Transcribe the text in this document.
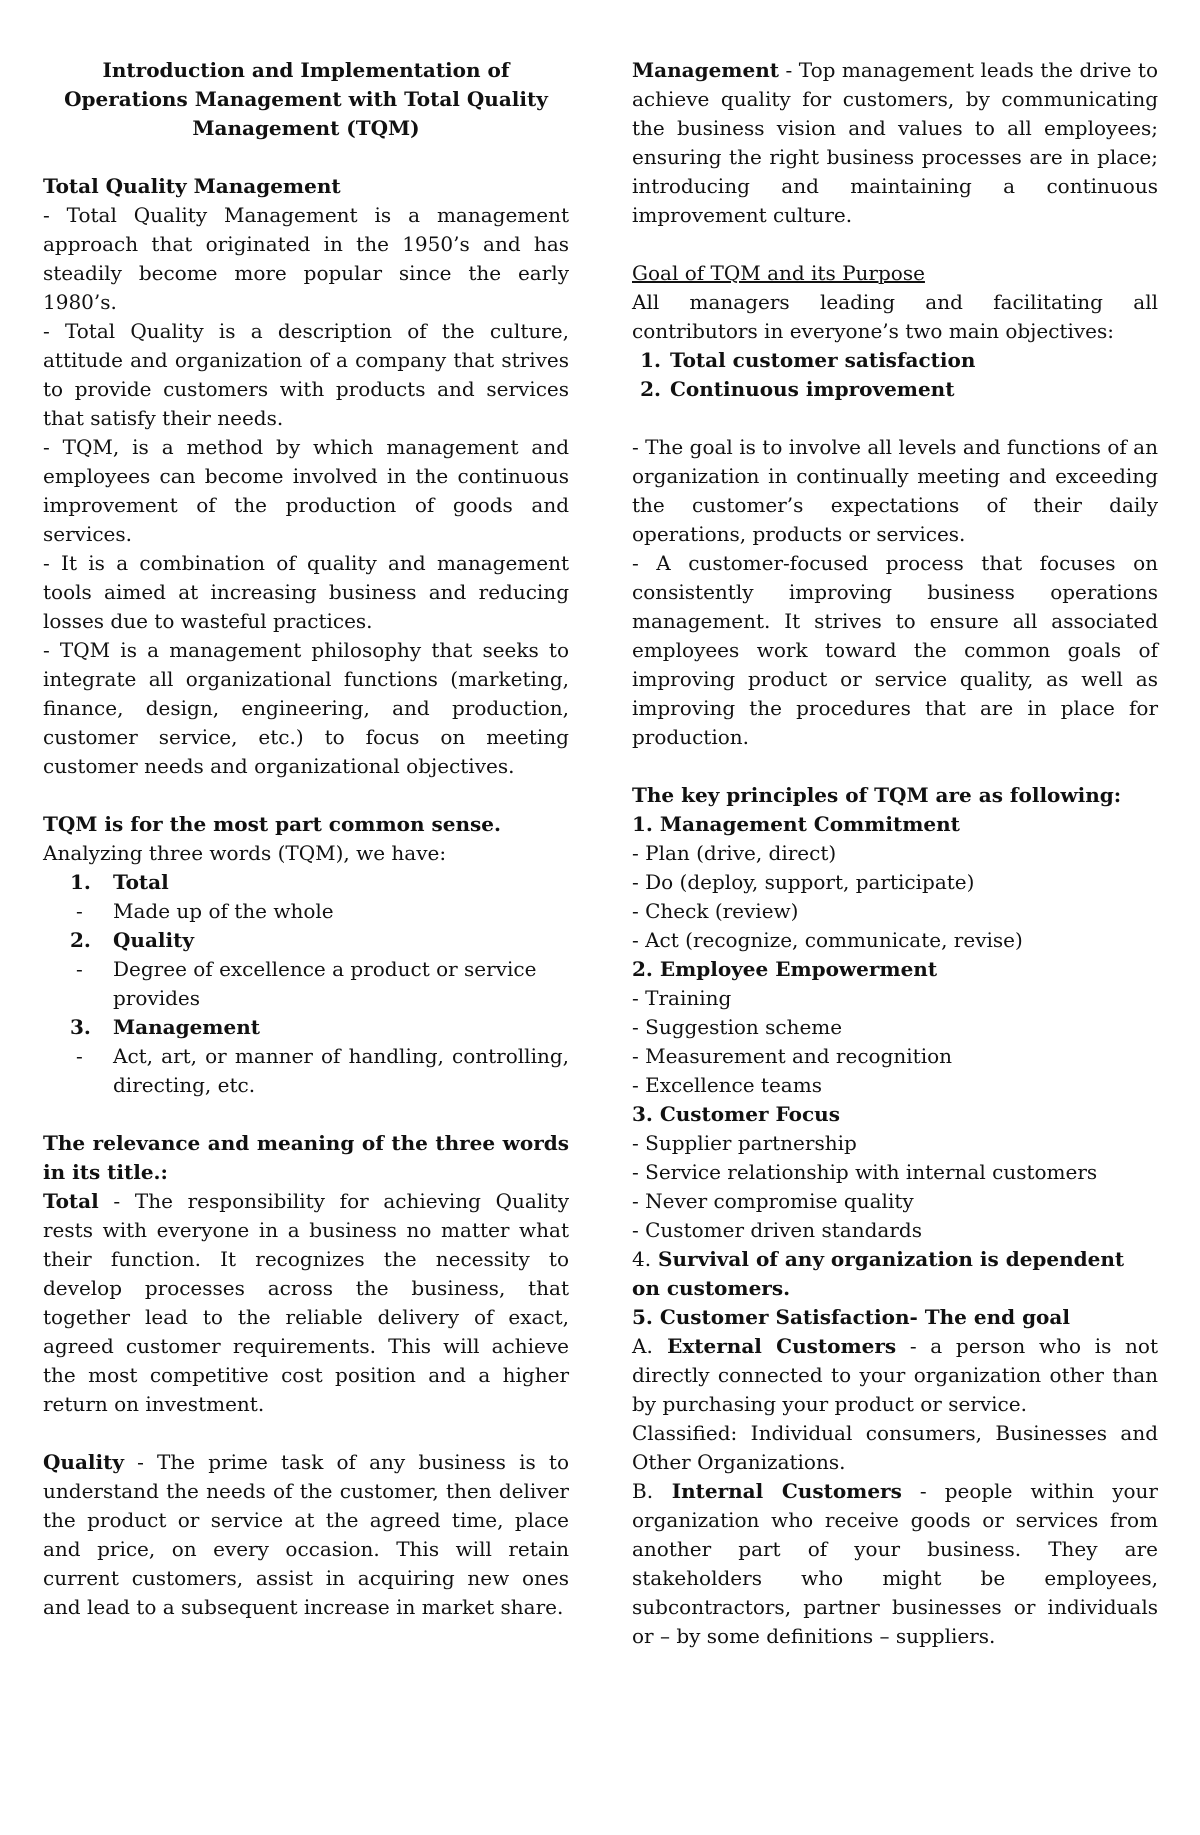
Introduction and Implementation of Operations Management with Total Quality Management (TQM)

Total Quality Management

- Total Quality Management is a management approach that originated in the 1950’s and has steadily become more popular since the early 1980’s.

- Total Quality is a description of the culture, attitude and organization of a company that strives to provide customers with products and services that satisfy their needs.

- TQM, is a method by which management and employees can become involved in the continuous improvement of the production of goods and services.

- It is a combination of quality and management tools aimed at increasing business and reducing losses due to wasteful practices.

- TQM is a management philosophy that seeks to integrate all organizational functions (marketing, finance, design, engineering, and production, customer service, etc.) to focus on meeting customer needs and organizational objectives.

TQM is for the most part common sense.

Analyzing three words (TQM), we have:

1.	Total
-	Made up of the whole
2.	Quality
-	Degree of excellence a product or service provides
3.	Management
-	Act, art, or manner of handling, controlling, directing, etc.

The relevance and meaning of the three words in its title.:

Total - The responsibility for achieving Quality rests with everyone in a business no matter what their function. It recognizes the necessity to develop processes across the business, that together lead to the reliable delivery of exact, agreed customer requirements. This will achieve the most competitive cost position and a higher return on investment.

Quality - The prime task of any business is to understand the needs of the customer, then deliver the product or service at the agreed time, place and price, on every occasion. This will retain current customers, assist in acquiring new ones and lead to a subsequent increase in market share.

Management - Top management leads the drive to achieve quality for customers, by communicating the business vision and values to all employees; ensuring the right business processes are in place; introducing and maintaining a continuous improvement culture.

Goal of TQM and its Purpose

All managers leading and facilitating all contributors in everyone’s two main objectives:

1. Total customer satisfaction
2. Continuous improvement

- The goal is to involve all levels and functions of an organization in continually meeting and exceeding the customer’s expectations of their daily operations, products or services.

- A customer-focused process that focuses on consistently improving business operations management. It strives to ensure all associated employees work toward the common goals of improving product or service quality, as well as improving the procedures that are in place for production.

The key principles of TQM are as following:

1. Management Commitment

- Plan (drive, direct)

- Do (deploy, support, participate)

- Check (review)

- Act (recognize, communicate, revise)

2. Employee Empowerment

- Training

- Suggestion scheme

- Measurement and recognition

- Excellence teams

3. Customer Focus

- Supplier partnership

- Service relationship with internal customers

- Never compromise quality

- Customer driven standards

4. Survival of any organization is dependent on customers.

5. Customer Satisfaction- The end goal

A. External Customers - a person who is not directly connected to your organization other than by purchasing your product or service.

Classified: Individual consumers, Businesses and Other Organizations.

B. Internal Customers - people within your organization who receive goods or services from another part of your business. They are stakeholders who might be employees, subcontractors, partner businesses or individuals or – by some definitions – suppliers.
